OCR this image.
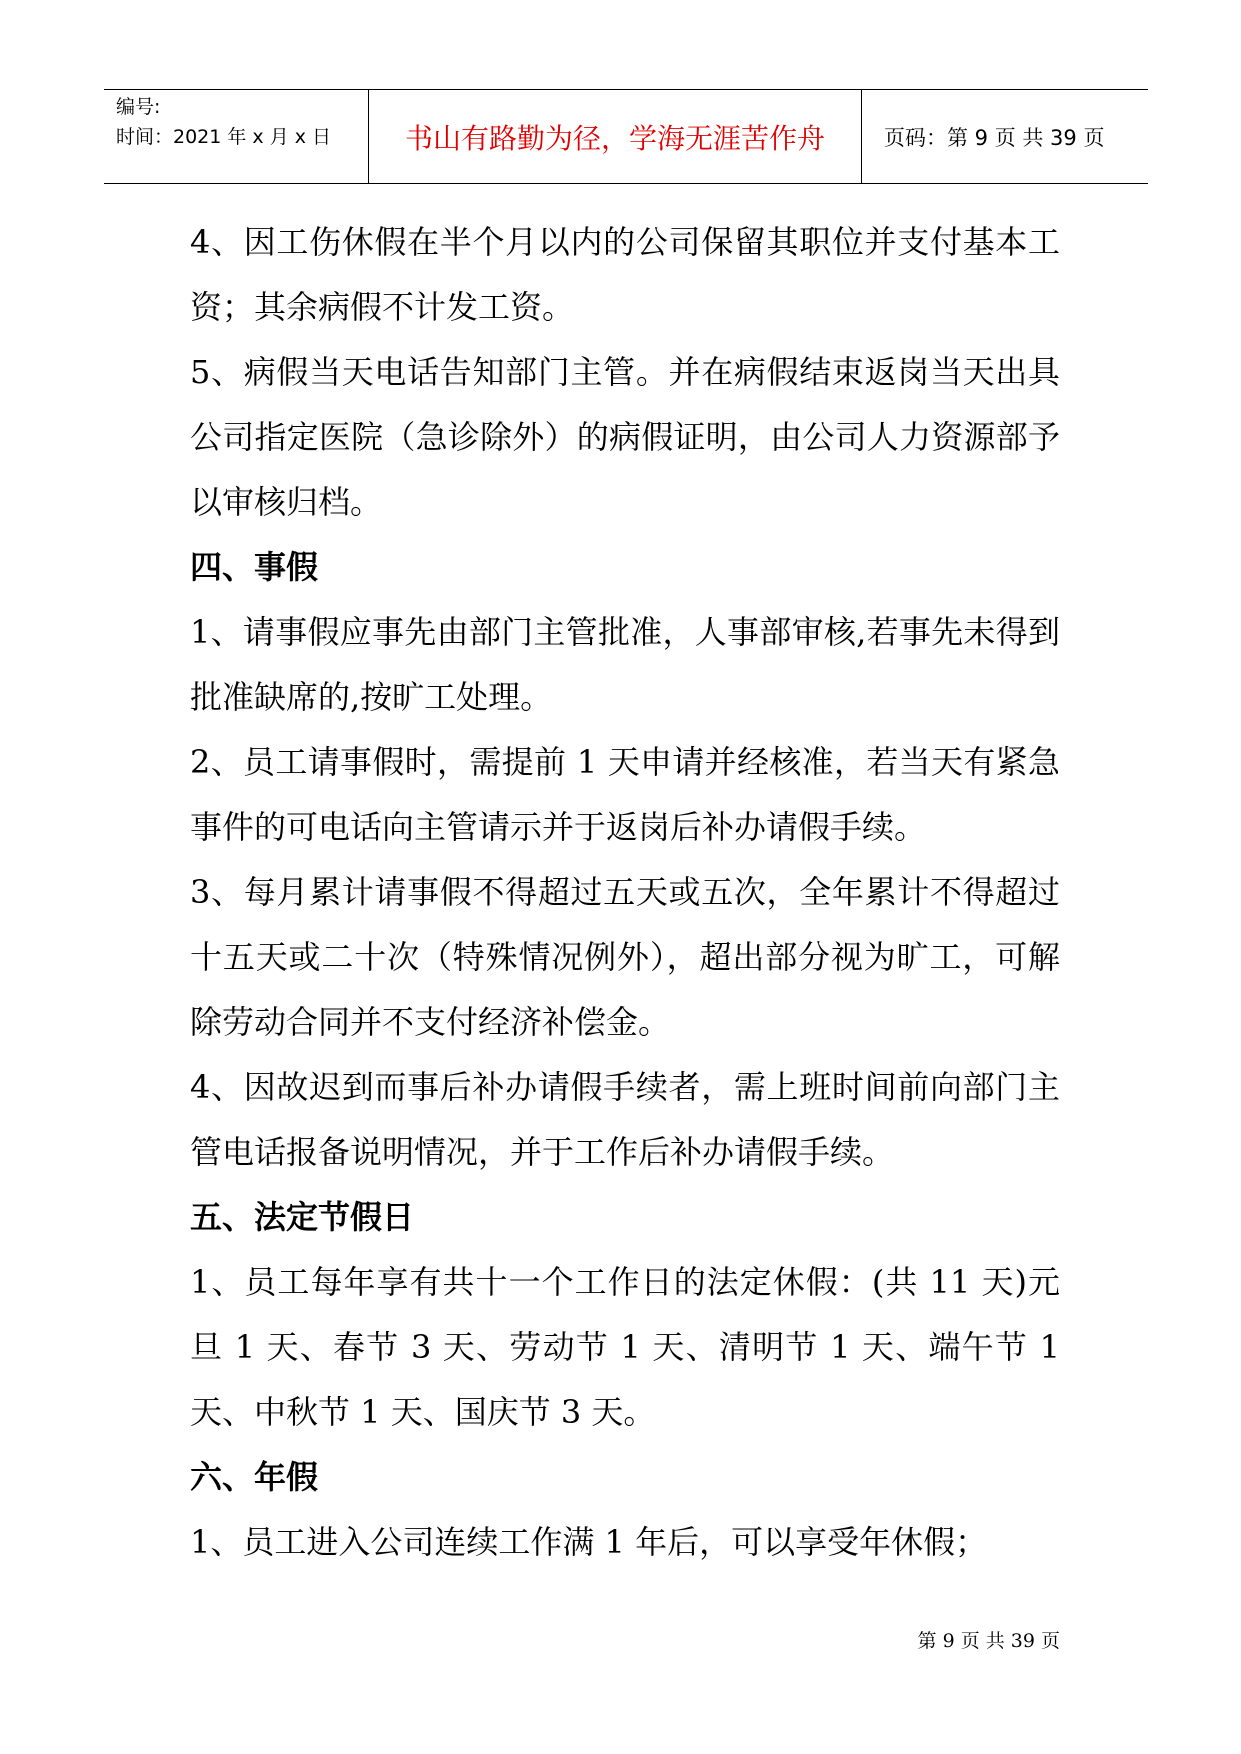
编号:
时间：2021 年 x 月 x 日	书山有路勤为径，学海无涯苦作舟	页码：第 9 页 共 39 页

4、因工伤休假在半个月以内的公司保留其职位并支付基本工资；其余病假不计发工资。

5、病假当天电话告知部门主管。并在病假结束返岗当天出具公司指定医院（急诊除外）的病假证明，由公司人力资源部予以审核归档。

四、事假

1、请事假应事先由部门主管批准，人事部审核,若事先未得到批准缺席的,按旷工处理。

2、员工请事假时，需提前 1 天申请并经核准，若当天有紧急事件的可电话向主管请示并于返岗后补办请假手续。

3、每月累计请事假不得超过五天或五次，全年累计不得超过十五天或二十次（特殊情况例外），超出部分视为旷工，可解除劳动合同并不支付经济补偿金。

4、因故迟到而事后补办请假手续者，需上班时间前向部门主管电话报备说明情况，并于工作后补办请假手续。

五、法定节假日

1、员工每年享有共十一个工作日的法定休假：(共 11 天)元旦 1 天、春节 3 天、劳动节 1 天、清明节 1 天、端午节 1 天、中秋节 1 天、国庆节 3 天。

六、年假

1、员工进入公司连续工作满 1 年后，可以享受年休假；

第 9 页 共 39 页
